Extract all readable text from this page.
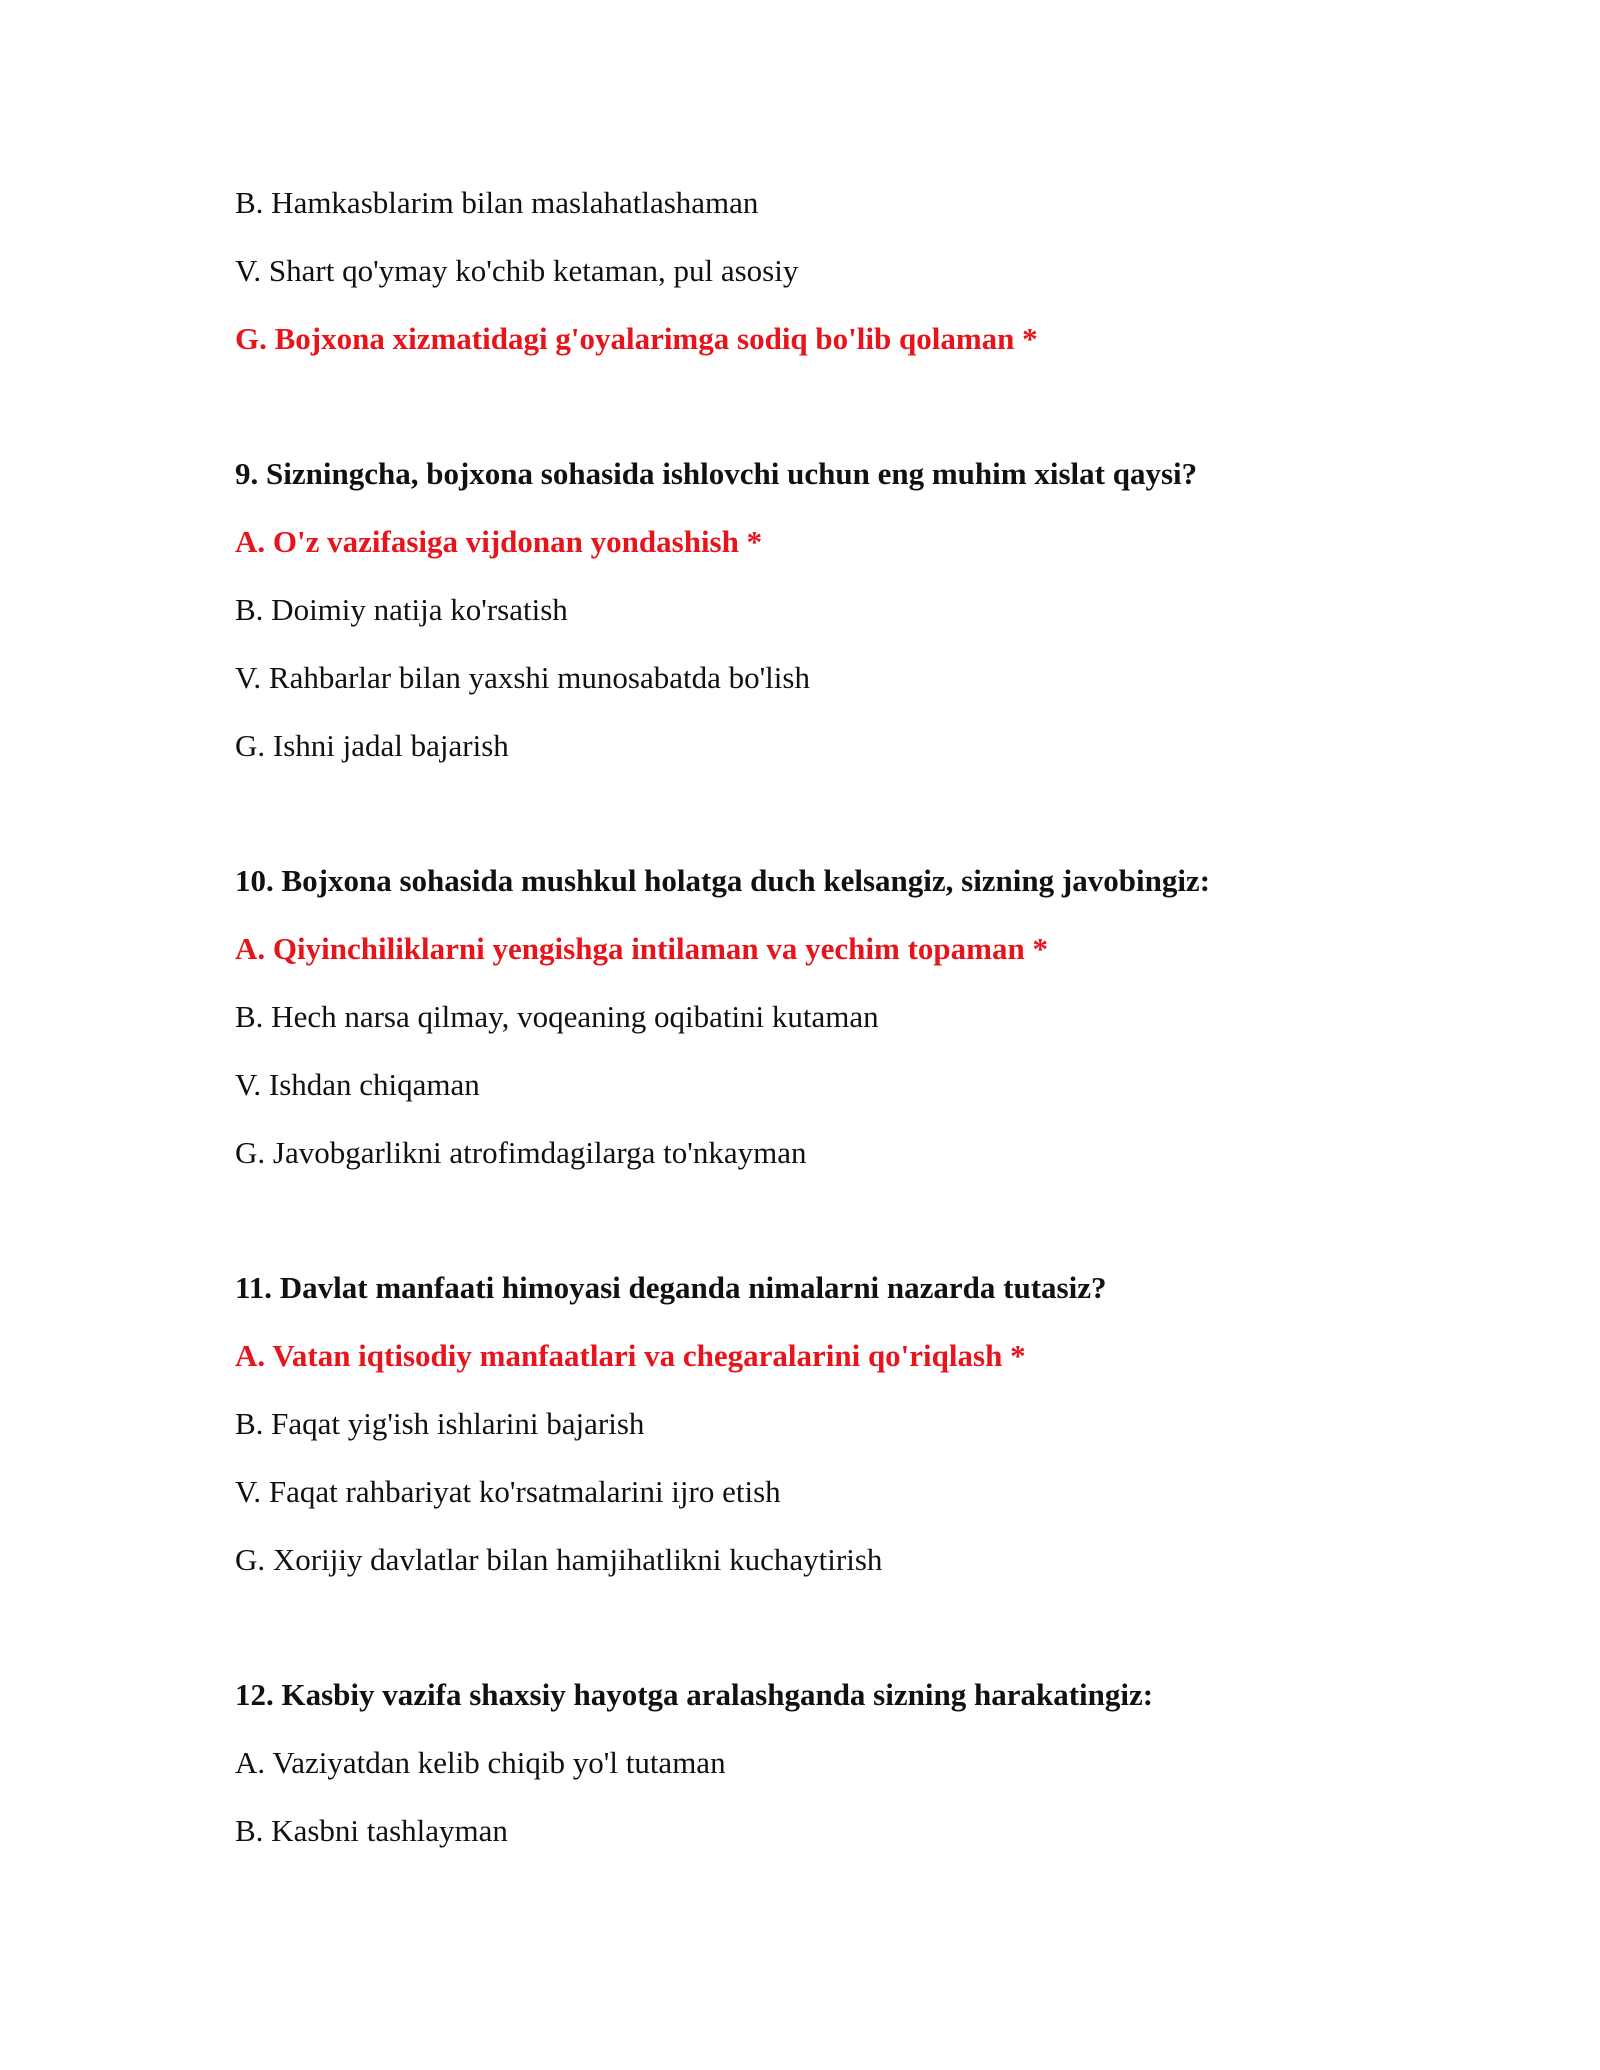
B. Hamkasblarim bilan maslahatlashaman
V. Shart qo'ymay ko'chib ketaman, pul asosiy
G. Bojxona xizmatidagi g'oyalarimga sodiq bo'lib qolaman *
9. Sizningcha, bojxona sohasida ishlovchi uchun eng muhim xislat qaysi?
A. O'z vazifasiga vijdonan yondashish *
B. Doimiy natija ko'rsatish
V. Rahbarlar bilan yaxshi munosabatda bo'lish
G. Ishni jadal bajarish
10. Bojxona sohasida mushkul holatga duch kelsangiz, sizning javobingiz:
A. Qiyinchiliklarni yengishga intilaman va yechim topaman *
B. Hech narsa qilmay, voqeaning oqibatini kutaman
V. Ishdan chiqaman
G. Javobgarlikni atrofimdagilarga to'nkayman
11. Davlat manfaati himoyasi deganda nimalarni nazarda tutasiz?
A. Vatan iqtisodiy manfaatlari va chegaralarini qo'riqlash *
B. Faqat yig'ish ishlarini bajarish
V. Faqat rahbariyat ko'rsatmalarini ijro etish
G. Xorijiy davlatlar bilan hamjihatlikni kuchaytirish
12. Kasbiy vazifa shaxsiy hayotga aralashganda sizning harakatingiz:
A. Vaziyatdan kelib chiqib yo'l tutaman
B. Kasbni tashlayman
